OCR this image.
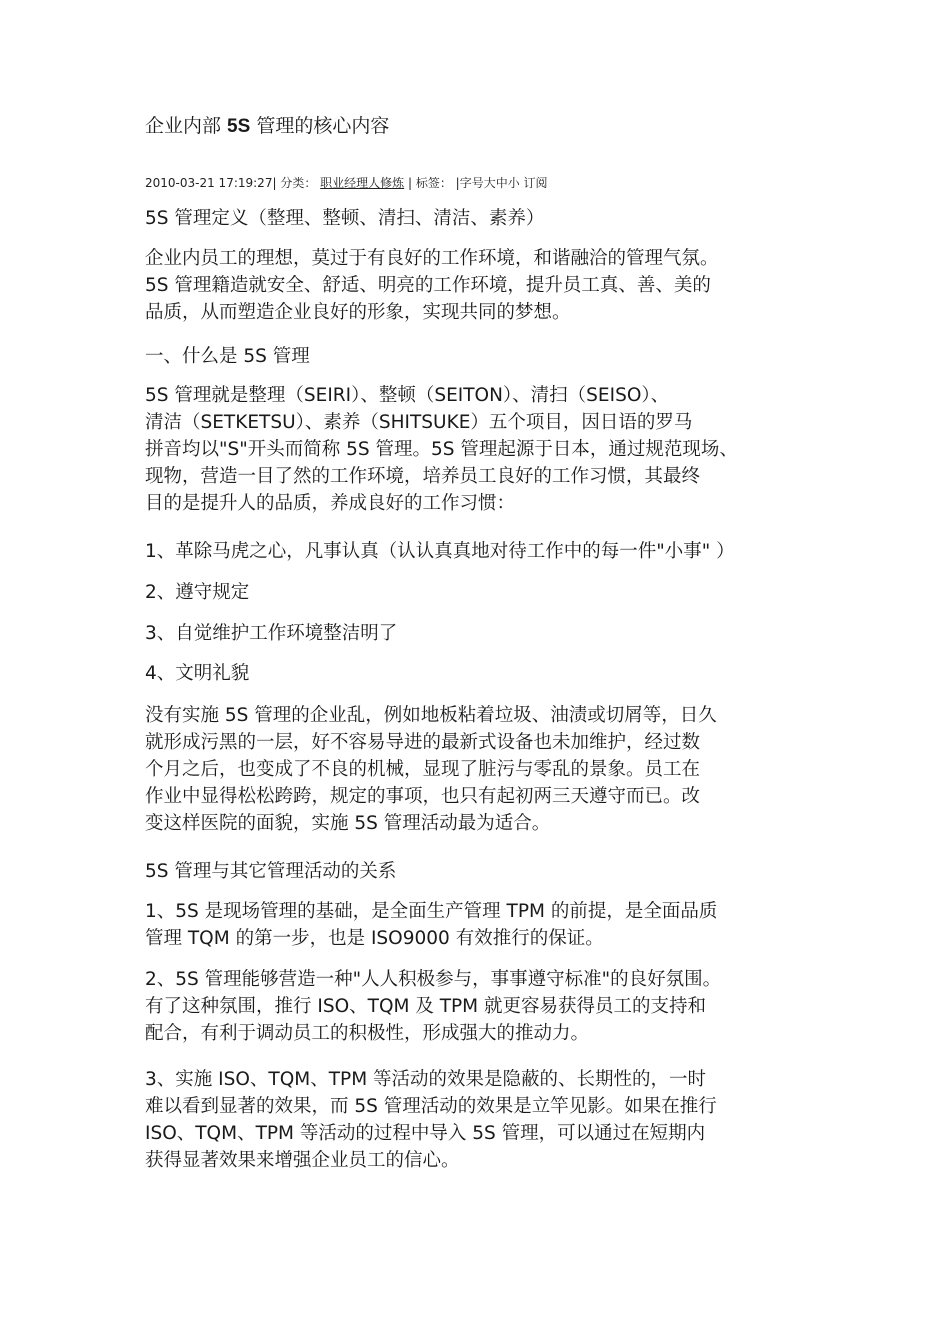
企业内部 5S 管理的核心内容
2010-03-21 17:19:27| 分类： 职业经理人修炼 | 标签： |字号大中小 订阅

5S 管理定义（整理、整顿、清扫、清洁、素养）

企业内员工的理想，莫过于有良好的工作环境，和谐融洽的管理气氛。
5S 管理籍造就安全、舒适、明亮的工作环境，提升员工真、善、美的
品质，从而塑造企业良好的形象，实现共同的梦想。

一、什么是 5S 管理

5S 管理就是整理（SEIRI）、整顿（SEITON）、清扫（SEISO）、
清洁（SETKETSU）、素养（SHITSUKE）五个项目，因日语的罗马
拼音均以"S"开头而简称 5S 管理。5S 管理起源于日本，通过规范现场、
现物，营造一目了然的工作环境，培养员工良好的工作习惯，其最终
目的是提升人的品质，养成良好的工作习惯：

1、革除马虎之心，凡事认真（认认真真地对待工作中的每一件"小事" ）

2、遵守规定

3、自觉维护工作环境整洁明了

4、文明礼貌

没有实施 5S 管理的企业乱，例如地板粘着垃圾、油渍或切屑等，日久
就形成污黑的一层，好不容易导进的最新式设备也未加维护，经过数
个月之后，也变成了不良的机械，显现了脏污与零乱的景象。员工在
作业中显得松松跨跨，规定的事项，也只有起初两三天遵守而已。改
变这样医院的面貌，实施 5S 管理活动最为适合。

5S 管理与其它管理活动的关系

1、5S 是现场管理的基础，是全面生产管理 TPM 的前提，是全面品质
管理 TQM 的第一步，也是 ISO9000 有效推行的保证。

2、5S 管理能够营造一种"人人积极参与，事事遵守标准"的良好氛围。
有了这种氛围，推行 ISO、TQM 及 TPM 就更容易获得员工的支持和
配合，有利于调动员工的积极性，形成强大的推动力。

3、实施 ISO、TQM、TPM 等活动的效果是隐蔽的、长期性的，一时
难以看到显著的效果，而 5S 管理活动的效果是立竿见影。如果在推行
ISO、TQM、TPM 等活动的过程中导入 5S 管理，可以通过在短期内
获得显著效果来增强企业员工的信心。
